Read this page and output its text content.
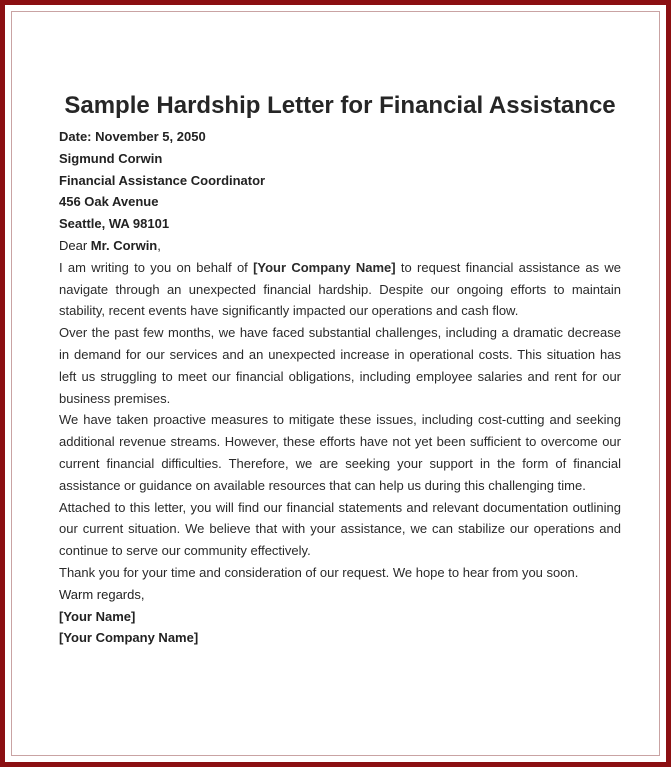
Sample Hardship Letter for Financial Assistance
Date: November 5, 2050
Sigmund Corwin
Financial Assistance Coordinator
456 Oak Avenue
Seattle, WA 98101
Dear Mr. Corwin,

I am writing to you on behalf of [Your Company Name] to request financial assistance as we navigate through an unexpected financial hardship. Despite our ongoing efforts to maintain stability, recent events have significantly impacted our operations and cash flow.

Over the past few months, we have faced substantial challenges, including a dramatic decrease in demand for our services and an unexpected increase in operational costs. This situation has left us struggling to meet our financial obligations, including employee salaries and rent for our business premises.

We have taken proactive measures to mitigate these issues, including cost-cutting and seeking additional revenue streams. However, these efforts have not yet been sufficient to overcome our current financial difficulties. Therefore, we are seeking your support in the form of financial assistance or guidance on available resources that can help us during this challenging time.

Attached to this letter, you will find our financial statements and relevant documentation outlining our current situation. We believe that with your assistance, we can stabilize our operations and continue to serve our community effectively.

Thank you for your time and consideration of our request. We hope to hear from you soon.

Warm regards,
[Your Name]
[Your Company Name]
